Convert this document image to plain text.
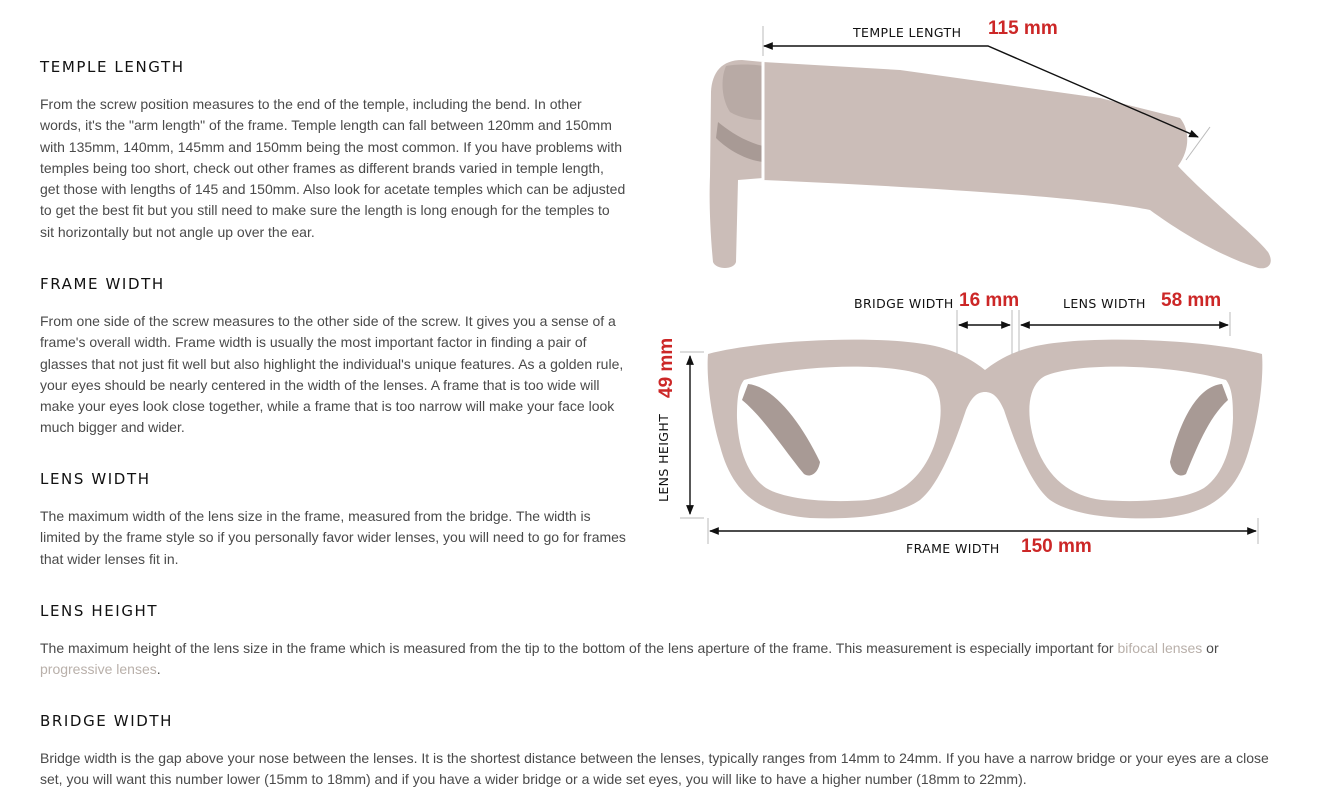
TEMPLE LENGTH

From the screw position measures to the end of the temple, including the bend. In other words, it's the "arm length" of the frame. Temple length can fall between 120mm and 150mm with 135mm, 140mm, 145mm and 150mm being the most common. If you have problems with temples being too short, check out other frames as different brands varied in temple length, get those with lengths of 145 and 150mm. Also look for acetate temples which can be adjusted to get the best fit but you still need to make sure the length is long enough for the temples to sit horizontally but not angle up over the ear.

FRAME WIDTH

From one side of the screw measures to the other side of the screw. It gives you a sense of a frame's overall width. Frame width is usually the most important factor in finding a pair of glasses that not just fit well but also highlight the individual's unique features. As a golden rule, your eyes should be nearly centered in the width of the lenses. A frame that is too wide will make your eyes look close together, while a frame that is too narrow will make your face look much bigger and wider.

LENS WIDTH

The maximum width of the lens size in the frame, measured from the bridge. The width is limited by the frame style so if you personally favor wider lenses, you will need to go for frames that wider lenses fit in.

LENS HEIGHT

The maximum height of the lens size in the frame which is measured from the tip to the bottom of the lens aperture of the frame. This measurement is especially important for bifocal lenses or progressive lenses.

BRIDGE WIDTH

Bridge width is the gap above your nose between the lenses. It is the shortest distance between the lenses, typically ranges from 14mm to 24mm. If you have a narrow bridge or your eyes are a close set, you will want this number lower (15mm to 18mm) and if you have a wider bridge or a wide set eyes, you will like to have a higher number (18mm to 22mm).

TEMPLE LENGTH 115 mm
BRIDGE WIDTH 16 mm	LENS WIDTH 58 mm
LENS HEIGHT
49 mm
FRAME WIDTH 150 mm
